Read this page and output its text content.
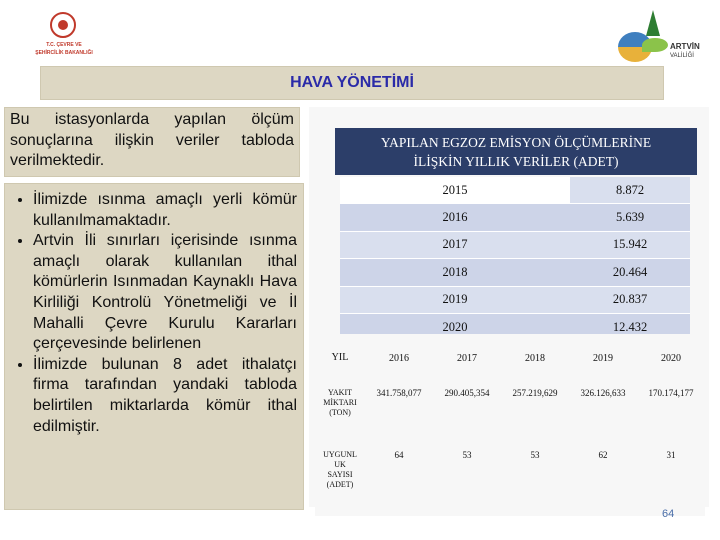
T.C. ÇEVRE VE
ŞEHİRCİLİK BAKANLIĞI
ARTVİN
VALİLİĞİ
HAVA YÖNETİMİ
Bu istasyonlarda yapılan ölçüm sonuçlarına ilişkin veriler tabloda verilmektedir.
• İlimizde ısınma amaçlı yerli kömür kullanılmamaktadır.
• Artvin İli sınırları içerisinde ısınma amaçlı olarak kullanılan ithal kömürlerin Isınmadan Kaynaklı Hava Kirliliği Kontrolü Yönetmeliği ve İl Mahalli Çevre Kurulu Kararları çerçevesinde belirlenen
• İlimizde bulunan 8 adet ithalatçı firma tarafından yandaki tabloda belirtilen miktarlarda kömür ithal edilmiştir.
YAPILAN EGZOZ EMİSYON ÖLÇÜMLERİNE
İLİŞKİN YILLIK VERİLER (ADET)
2015	8.872
2016	5.639
2017	15.942
2018	20.464
2019	20.837
2020	12.432
YIL	2016	2017	2018	2019	2020

YAKIT
MİKTARI
(TON)	341.758,077	290.405,354	257.219,629	326.126,633	170.174,177

UYGUNL
UK
SAYISI
(ADET)	64	53	53	62	31
64
